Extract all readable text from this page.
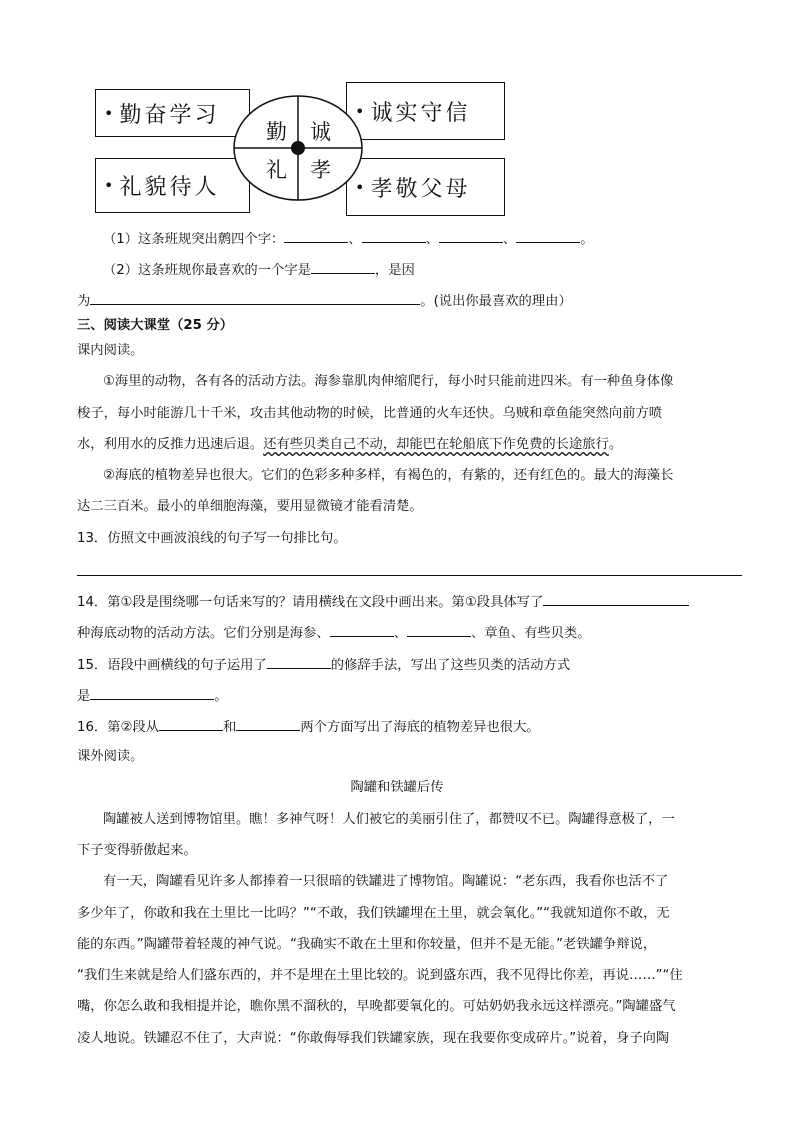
• 勤奋学习	• 诚实守信
• 礼貌待人	• 孝敬父母
勤 诚
礼 孝
（1）这条班规突出鹩四个字：	、	、	、	。
（2）这条班规你最喜欢的一个字是	，是因
为	。(说出你最喜欢的理由）
三、阅读大课堂（25 分）
课内阅读。
①海里的动物，各有各的活动方法。海参靠肌肉伸缩爬行，每小时只能前进四米。有一种鱼身体像
梭子，每小时能游几十千米，攻击其他动物的时候，比普通的火车还快。乌贼和章鱼能突然向前方喷
水，利用水的反推力迅速后退。还有些贝类自己不动，却能巴在轮船底下作免费的长途旅行。
②海底的植物差异也很大。它们的色彩多种多样，有褐色的，有紫的，还有红色的。最大的海藻长
达二三百米。最小的单细胞海藻，要用显微镜才能看清楚。
13．仿照文中画波浪线的句子写一句排比句。
14．第①段是围绕哪一句话来写的？请用横线在文段中画出来。第①段具体写了
种海底动物的活动方法。它们分别是海参、	、	、章鱼、有些贝类。
15．语段中画横线的句子运用了	的修辞手法，写出了这些贝类的活动方式
是	。
16．第②段从	和	两个方面写出了海底的植物差异也很大。
课外阅读。
陶罐和铁罐后传
陶罐被人送到博物馆里。瞧！多神气呀！人们被它的美丽引住了，都赞叹不已。陶罐得意极了，一
下子变得骄傲起来。
有一天，陶罐看见许多人都捧着一只很暗的铁罐进了博物馆。陶罐说：“老东西，我看你也活不了
多少年了，你敢和我在土里比一比吗？”“不敢，我们铁罐埋在土里，就会氧化。”“我就知道你不敢，无
能的东西。”陶罐带着轻蔑的神气说。“我确实不敢在土里和你较量，但并不是无能。”老铁罐争辩说，
“我们生来就是给人们盛东西的，并不是埋在土里比较的。说到盛东西，我不见得比你差，再说……”“住
嘴，你怎么敢和我相提并论，瞧你黑不溜秋的，早晚都要氧化的。可姑奶奶我永远这样漂亮。”陶罐盛气
凌人地说。铁罐忍不住了，大声说：“你敢侮辱我们铁罐家族，现在我要你变成碎片。”说着，身子向陶
